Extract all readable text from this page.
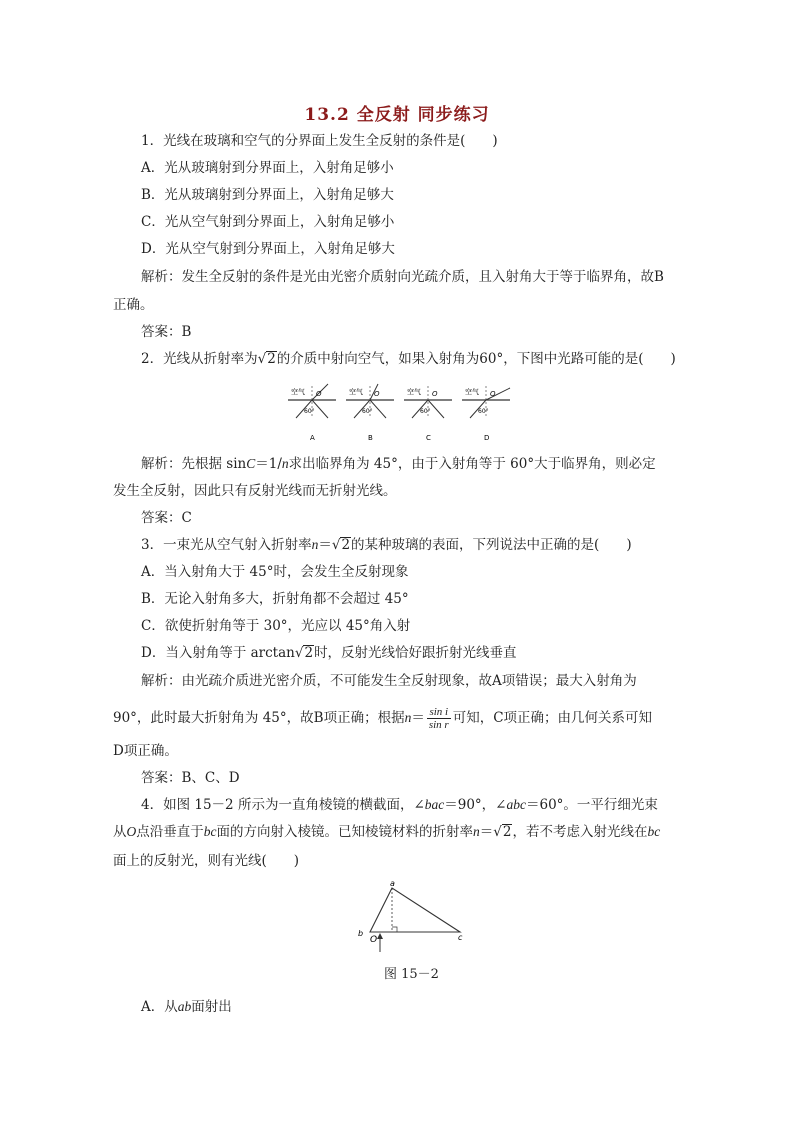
13.2 全反射 同步练习
1．光线在玻璃和空气的分界面上发生全反射的条件是(　　)
A．光从玻璃射到分界面上，入射角足够小
B．光从玻璃射到分界面上，入射角足够大
C．光从空气射到分界面上，入射角足够小
D．光从空气射到分界面上，入射角足够大
解析：发生全反射的条件是光由光密介质射向光疏介质，且入射角大于等于临界角，故B
正确。
答案：B
2．光线从折射率为√2的介质中射向空气，如果入射角为60°，下图中光路可能的是(　　)
空气 O
60°
A
空气 O
60°
B
空气 O
60°
C
空气 O
60°
D
解析：先根据 sinC＝1/n求出临界角为 45°，由于入射角等于 60°大于临界角，则必定
发生全反射，因此只有反射光线而无折射光线。
答案：C
3．一束光从空气射入折射率n＝√2的某种玻璃的表面，下列说法中正确的是(　　)
A．当入射角大于 45°时，会发生全反射现象
B．无论入射角多大，折射角都不会超过 45°
C．欲使折射角等于 30°，光应以 45°角入射
D．当入射角等于 arctan√2时，反射光线恰好跟折射光线垂直
解析：由光疏介质进光密介质，不可能发生全反射现象，故A项错误；最大入射角为
90°，此时最大折射角为 45°，故B项正确；根据$n= \frac{\text{sin i}}{\text{sin r}}$ 可知，C项正确；由几何关系可知
D项正确。
答案：B、C、D
4．如图 15－2 所示为一直角棱镜的横截面，∠bac＝90°，∠abc＝60°。一平行细光束
从O点沿垂直于bc面的方向射入棱镜。已知棱镜材料的折射率n＝√2，若不考虑入射光线在bc
面上的反射光，则有光线(　　)
a
b	c
O
图 15－2
A．从ab面射出
